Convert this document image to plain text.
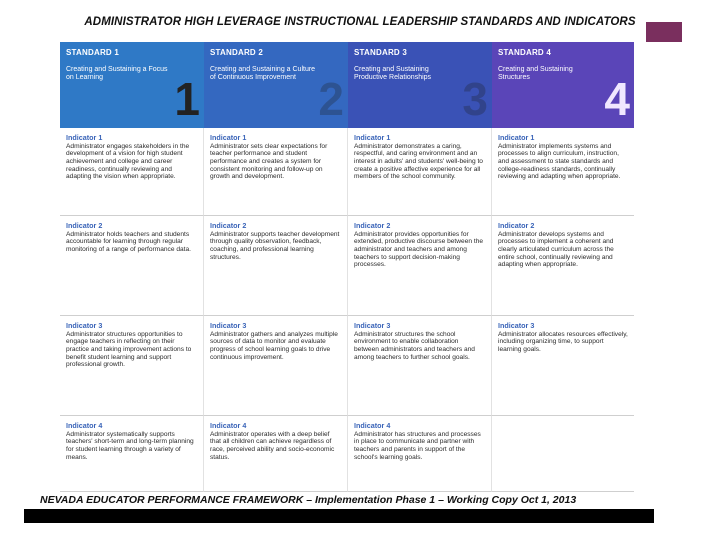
ADMINISTRATOR HIGH LEVERAGE INSTRUCTIONAL LEADERSHIP STANDARDS AND INDICATORS
STANDARD 1
Creating and Sustaining a Focus on Learning	1
STANDARD 2
Creating and Sustaining a Culture of Continuous Improvement 2
STANDARD 3
Creating and Sustaining Productive Relationships 3
STANDARD 4
Creating and Sustaining Structures	4
Indicator 1
Administrator engages stakeholders in the development of a vision for high student achievement and college and career readiness, continually reviewing and adapting the vision when appropriate.
Indicator 1
Administrator sets clear expectations for teacher performance and student performance and creates a system for consistent monitoring and follow-up on growth and development.
Indicator 1
Administrator demonstrates a caring, respectful, and caring environment and an interest in adults' and students' well-being to create a positive affective experience for all members of the school community.
Indicator 1
Administrator implements systems and processes to align curriculum, instruction, and assessment to state standards and college-readiness standards, continually reviewing and adapting when appropriate.
Indicator 2
Administrator holds teachers and students accountable for learning through regular monitoring of a range of performance data.
Indicator 2
Administrator supports teacher development through quality observation, feedback, coaching, and professional learning structures.
Indicator 2
Administrator provides opportunities for extended, productive discourse between the administrator and teachers and among teachers to support decision-making processes.
Indicator 2
Administrator develops systems and processes to implement a coherent and clearly articulated curriculum across the entire school, continually reviewing and adapting when appropriate.
Indicator 3
Administrator structures opportunities to engage teachers in reflecting on their practice and taking improvement actions to benefit student learning and support professional growth.
Indicator 3
Administrator gathers and analyzes multiple sources of data to monitor and evaluate progress of school learning goals to drive continuous improvement.
Indicator 3
Administrator structures the school environment to enable collaboration between administrators and teachers and among teachers to further school goals.
Indicator 3
Administrator allocates resources effectively, including organizing time, to support learning goals.
Indicator 4
Administrator systematically supports teachers' short-term and long-term planning for student learning through a variety of means.
Indicator 4
Administrator operates with a deep belief that all children can achieve regardless of race, perceived ability and socio-economic status.
Indicator 4
Administrator has structures and processes in place to communicate and partner with teachers and parents in support of the school's learning goals.
NEVADA EDUCATOR PERFORMANCE FRAMEWORK – Implementation Phase 1 – Working Copy Oct 1, 2013
